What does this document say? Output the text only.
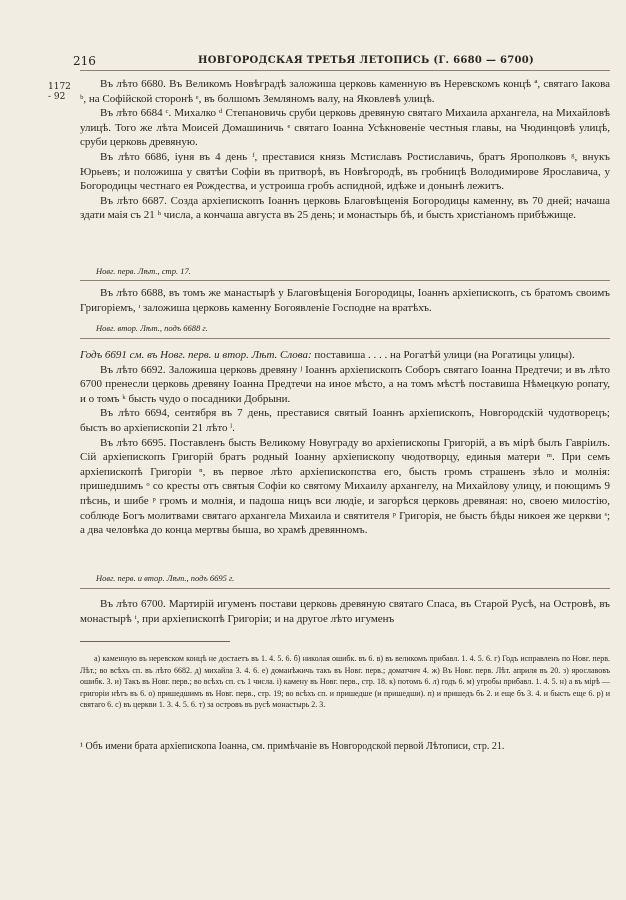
216	НОВГОРОДСКАЯ ТРЕТЬЯ ЛЕТОПИСЬ (Г. 6680 — 6700)
1172
- 92

Въ лѣто 6680. Въ Великомъ Новѣградѣ заложиша церковь каменную въ Неревскомъ концѣ ª, святаго Іакова ᵇ, на Софійской сторонѣ ᵉ, въ болшомъ Земляномъ валу, на Яковлевѣ улицѣ.

Въ лѣто 6684 ᶜ. Михалко ᵈ Степановичь сруби церковь древяную святаго Михаила архангела, на Михайловѣ улицѣ. Того же лѣта Моисей Домашиничь ᵉ святаго Іоанна Усѣкновеніе честныя главы, на Чюдинцовѣ улицѣ, сруби церковь древяную.

Въ лѣто 6686, іуня въ 4 день ᶠ, преставися князь Мстиславъ Ростиславичь, братъ Ярополковъ ᵍ, внукъ Юрьевъ; и положиша у святѣи Софіи въ притворѣ, въ Новѣгородѣ, въ гробницѣ Володимирове Ярославича, у Богородицы честнаго ея Рождества, и устроиша гробъ аспидной, идѣже и донынѣ лежитъ.

Въ лѣто 6687. Созда архіепископъ Іоаннъ церковь Благовѣщенія Богородицы каменну, въ 70 дней; начаша здати маія съ 21 ʰ числа, а кончаша августа въ 25 день; и монастырь бѣ, и бысть христіаномъ прибѣжище.

Новг. перв. Лѣт., стр. 17.

Въ лѣто 6688, въ томъ же манастырѣ у Благовѣщенія Богородицы, Іоаннъ архіепископъ, съ братомъ своимъ Григоріемъ, ᶦ заложиша церковь каменну Богоявленіе Господне на вратѣхъ.

Новг. втор. Лѣт., подъ 6688 г.

Годъ 6691 см. въ Новг. перв. и втор. Лѣт. Слова: поставиша . . . . на Рогатѣй улици (на Рогатицы улицы).

Въ лѣто 6692. Заложиша церковь древяну ʲ Іоаннъ архіепископъ Соборъ святаго Іоанна Предтечи; и въ лѣто 6700 пренесли церковь древяну Іоанна Предтечи на иное мѣсто, а на томъ мѣстѣ поставиша Нѣмецкую ропату, и о томъ ᵏ бысть чудо о посадники Добрыни.

Въ лѣто 6694, сентября въ 7 день, преставися святый Іоаннъ архіепископъ, Новгородскій чудотворецъ; бысть во архіепископіи 21 лѣто ˡ.

Въ лѣто 6695. Поставленъ бысть Великому Новуграду во архіепископы Григорій, а въ мірѣ былъ Гавріилъ. Сій архіепископъ Григорій братъ родный Іоанну архіепископу чюдотворцу, единыя матери ᵐ. При семъ архіепископѣ Григоріи ⁿ, въ первое лѣто архіепископства его, бысть громъ страшенъ зѣло и молнія: пришедшимъ ᵒ со кресты отъ святыя Софіи ко святому Михаилу архангелу, на Михайлову улицу, и поющимъ 9 пѣснь, и шибе ᵖ громъ и молнія, и падоша ницъ вси людіе, и загорѣся церковь древяная: но, своею милостію, соблюде Богъ молитвами святаго архангела Михаила и святителя ᵖ Григорія, не бысть бѣды никоея же церкви ˢ; а два человѣка до конца мертвы быша, во храмѣ древянномъ.

Новг. перв. и втор. Лѣт., подъ 6695 г.

Въ лѣто 6700. Мартирій игуменъ постави церковь древяную святаго Спаса, въ Старой Русѣ, на Островѣ, въ монастырѣ ᵗ, при архіепископѣ Григоріи; и на другое лѣто игуменъ

а) каменную въ неревском концѣ не достаетъ въ 1. 4. 5. 6. б) николая ошибк. въ 6. в) въ великомъ прибавл. 1. 4. 5. 6. г) Годъ исправленъ по Новг. перв. Лѣт.; во всѣхъ сп. въ лѣто 6682. д) михайла 3. 4. 6. е) доманѣжичь такъ въ Новг. перв.; доматчич 4. ж) Въ Новг. перв. Лѣт. априля въ 20. з) ярославовъ ошибк. 3. и) Такъ въ Новг. перв.; во всѣхъ сп. съ 1 числа. і) камену въ Новг. перв., стр. 18. к) потомъ 6. л) годъ 6. м) угробы прибавл. 1. 4. 5. н) а въ мірѣ — григоріи нѣтъ въ 6. о) пришедшимъ въ Новг. перв., стр. 19; во всѣхъ сп. и пришедше (и пришедши). п) и пришедъ бъ 2. и еще бъ 3. 4. и бысть еще 6. р) и святаго 6. с) въ церкви 1. 3. 4. 5. 6. т) за островъ въ русѣ монастырь 2. 3.

¹ Объ имени брата архіепископа Іоанна, см. примѣчаніе въ Новгородской первой Лѣтописи, стр. 21.
